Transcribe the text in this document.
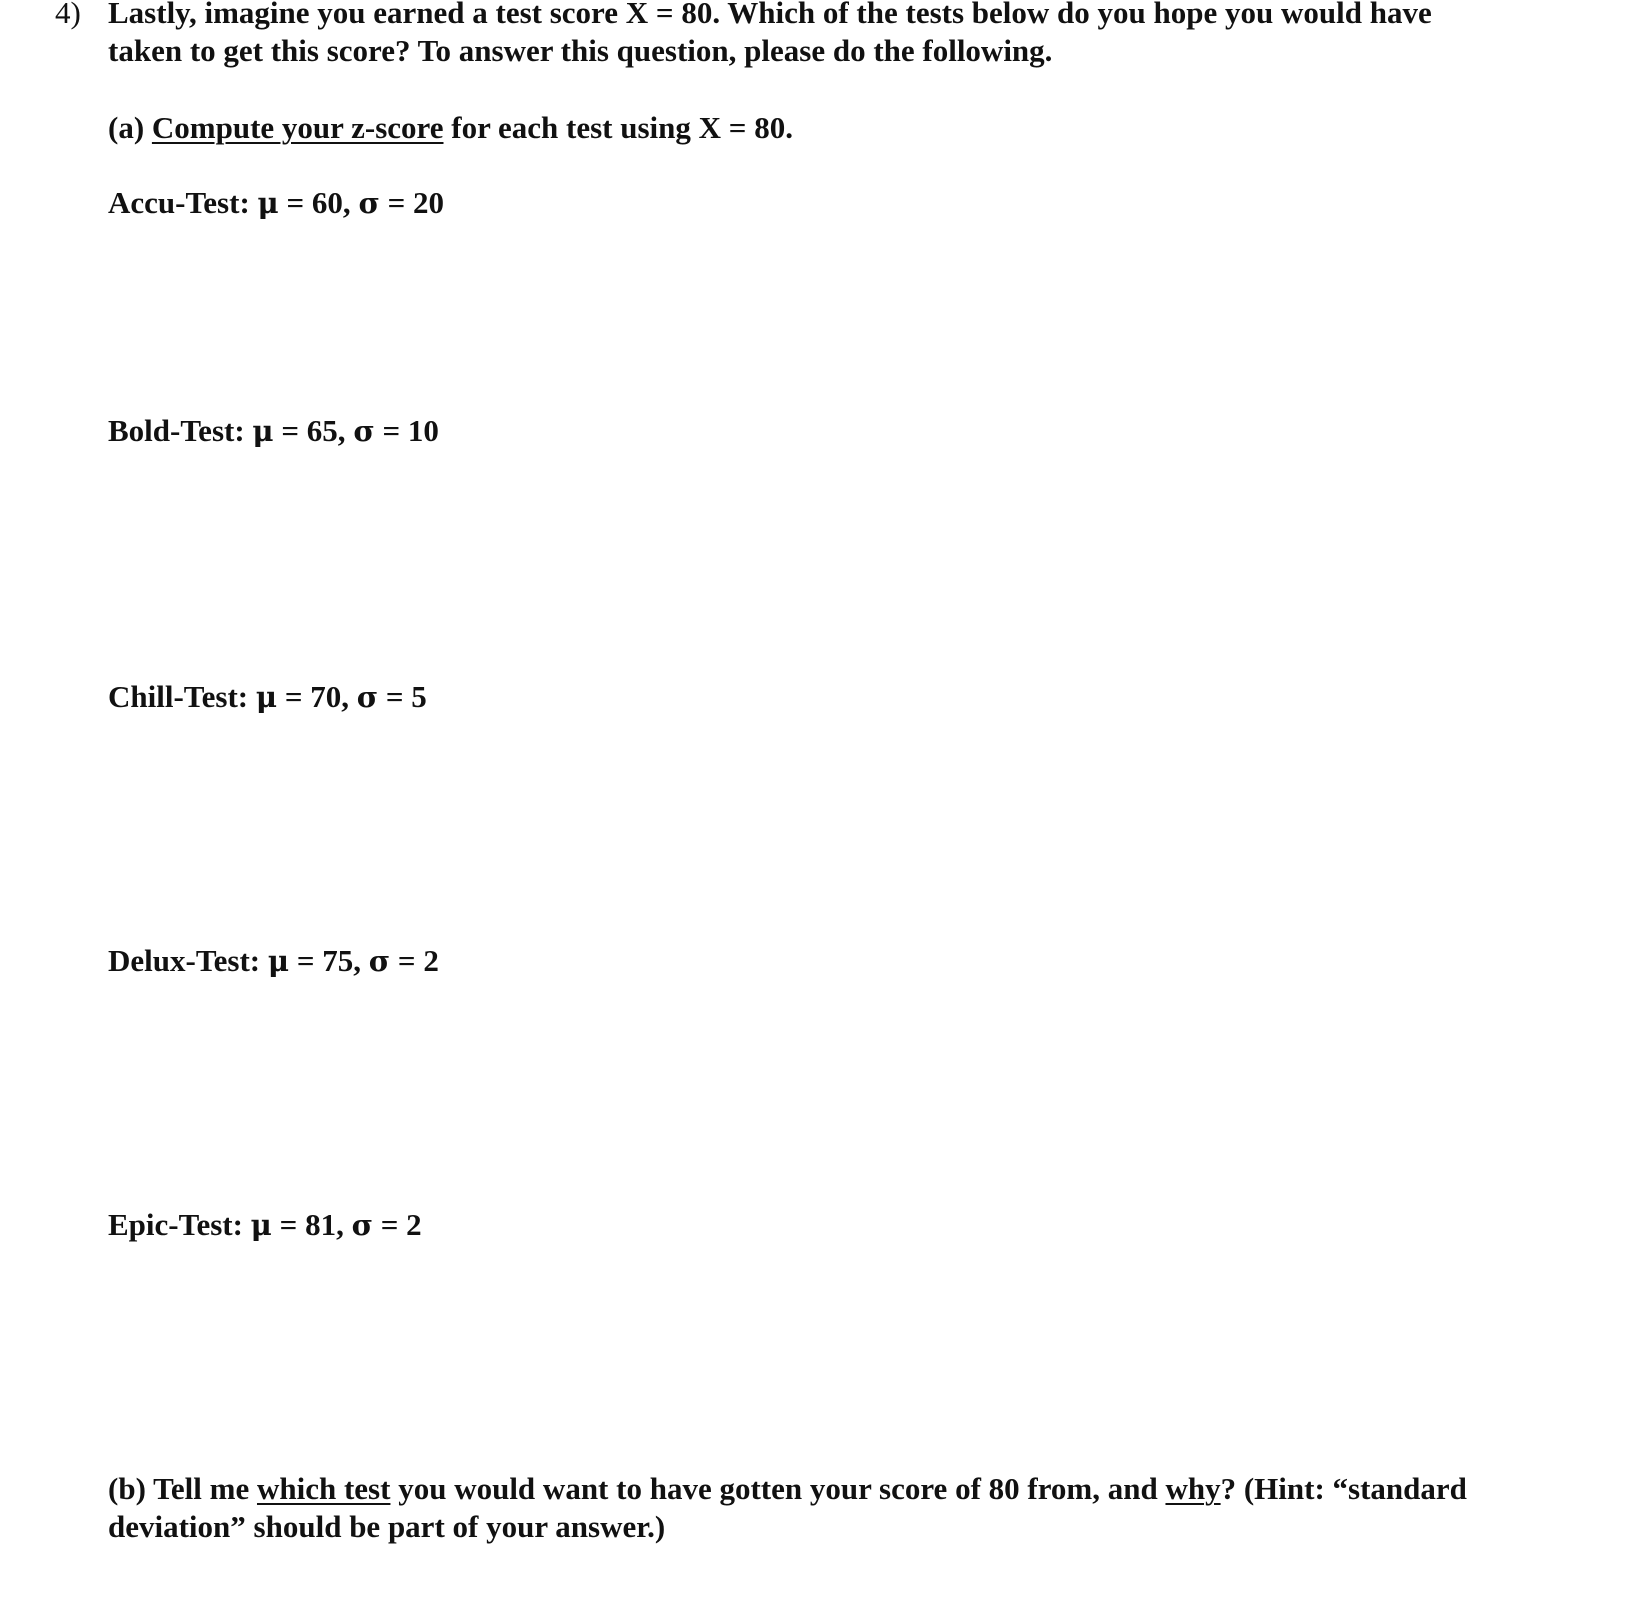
4) Lastly, imagine you earned a test score X = 80. Which of the tests below do you hope you would have
taken to get this score? To answer this question, please do the following.
(a) Compute your z-score for each test using X = 80.
Accu-Test: μ = 60, σ = 20
Bold-Test: μ = 65, σ = 10
Chill-Test: μ = 70, σ = 5
Delux-Test: μ = 75, σ = 2
Epic-Test: μ = 81, σ = 2
(b) Tell me which test you would want to have gotten your score of 80 from, and why? (Hint: “standard
deviation” should be part of your answer.)
